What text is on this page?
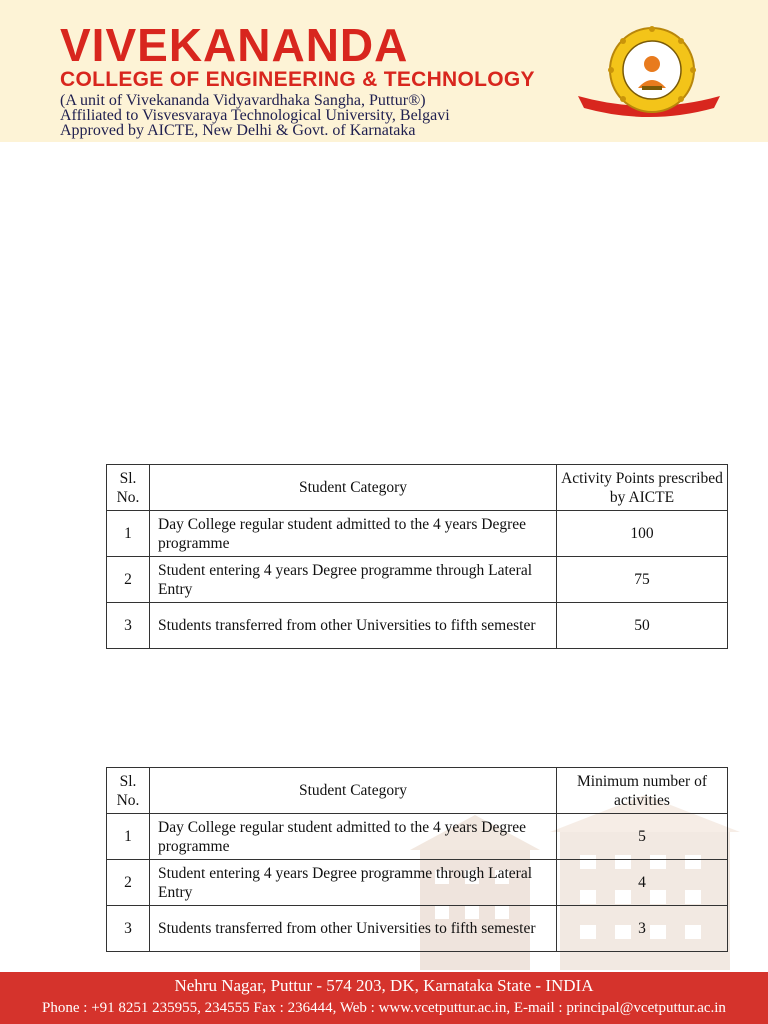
VIVEKANANDA
COLLEGE OF ENGINEERING & TECHNOLOGY
(A unit of Vivekananda Vidyavardhaka Sangha, Puttur®)
Affiliated to Visvesvaraya Technological University, Belgavi
Approved by AICTE, New Delhi & Govt. of Karnataka
Sl. No.	Student Category	Activity Points prescribed by AICTE
1	Day College regular student admitted to the 4 years Degree programme	100
2	Student entering 4 years Degree programme through Lateral Entry	75
3	Students transferred from other Universities to fifth semester	50
Sl. No.	Student Category	Minimum number of activities
1	Day College regular student admitted to the 4 years Degree programme	5
2	Student entering 4 years Degree programme through Lateral Entry	4
3	Students transferred from other Universities to fifth semester	3
Nehru Nagar, Puttur - 574 203, DK, Karnataka State - INDIA
Phone : +91 8251 235955, 234555 Fax : 236444, Web : www.vcetputtur.ac.in, E-mail : principal@vcetputtur.ac.in
